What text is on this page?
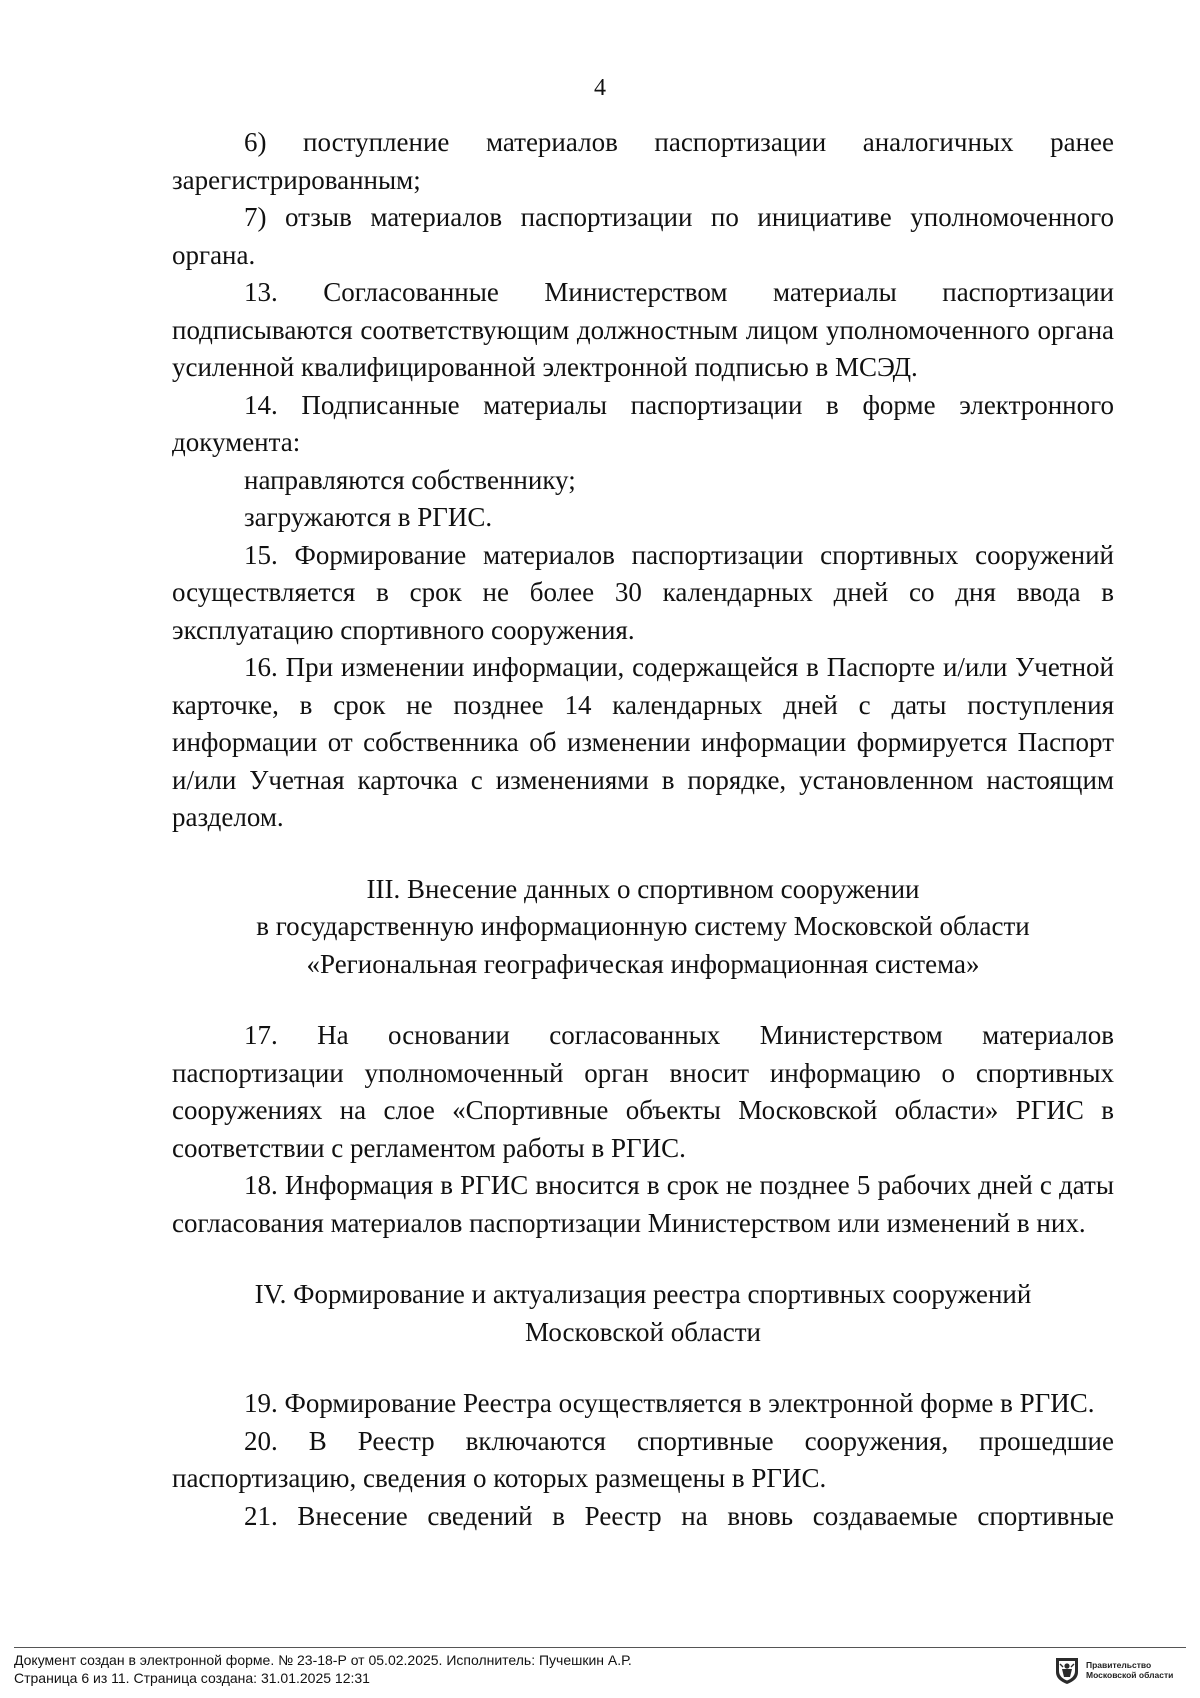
4

6) поступление материалов паспортизации аналогичных ранее зарегистрированным;

7) отзыв материалов паспортизации по инициативе уполномоченного органа.

13. Согласованные Министерством материалы паспортизации подписываются соответствующим должностным лицом уполномоченного органа усиленной квалифицированной электронной подписью в МСЭД.

14. Подписанные материалы паспортизации в форме электронного документа:

направляются собственнику;

загружаются в РГИС.

15. Формирование материалов паспортизации спортивных сооружений осуществляется в срок не более 30 календарных дней со дня ввода в эксплуатацию спортивного сооружения.

16. При изменении информации, содержащейся в Паспорте и/или Учетной карточке, в срок не позднее 14 календарных дней с даты поступления информации от собственника об изменении информации формируется Паспорт и/или Учетная карточка с изменениями в порядке, установленном настоящим разделом.

III. Внесение данных о спортивном сооружении
в государственную информационную систему Московской области
«Региональная географическая информационная система»

17. На основании согласованных Министерством материалов паспортизации уполномоченный орган вносит информацию о спортивных сооружениях на слое «Спортивные объекты Московской области» РГИС в соответствии с регламентом работы в РГИС.

18. Информация в РГИС вносится в срок не позднее 5 рабочих дней с даты согласования материалов паспортизации Министерством или изменений в них.

IV. Формирование и актуализация реестра спортивных сооружений
Московской области

19. Формирование Реестра осуществляется в электронной форме в РГИС.

20. В Реестр включаются спортивные сооружения, прошедшие паспортизацию, сведения о которых размещены в РГИС.

21. Внесение сведений в Реестр на вновь создаваемые спортивные

Документ создан в электронной форме. № 23-18-Р от 05.02.2025. Исполнитель: Пучешкин А.Р.
Страница 6 из 11. Страница создана: 31.01.2025 12:31
Правительство
Московской области
